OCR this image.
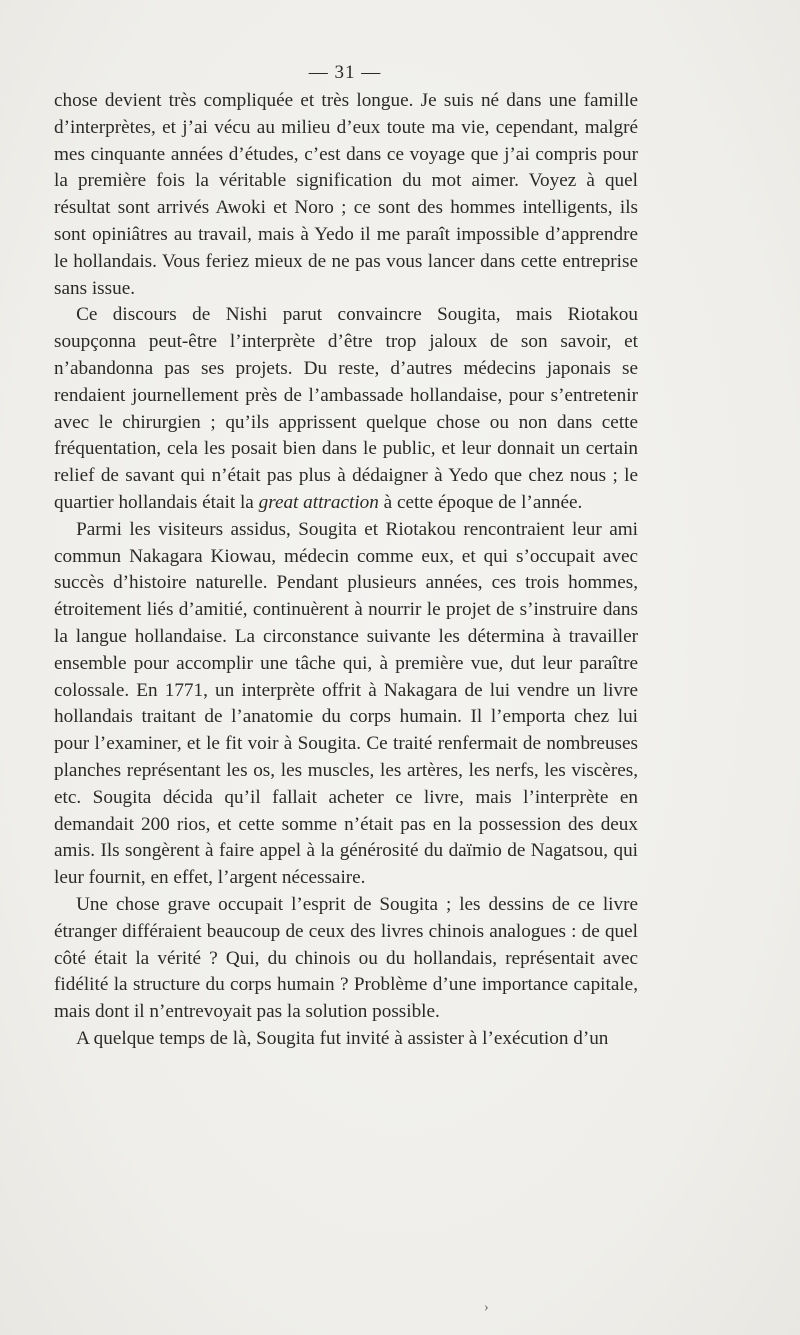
— 31 —

chose devient très compliquée et très longue. Je suis né dans une famille d’interprètes, et j’ai vécu au milieu d’eux toute ma vie, cependant, malgré mes cinquante années d’études, c’est dans ce voyage que j’ai compris pour la première fois la véritable signification du mot aimer. Voyez à quel résultat sont arrivés Awoki et Noro ; ce sont des hommes intelligents, ils sont opiniâtres au travail, mais à Yedo il me paraît impossible d’apprendre le hollandais. Vous feriez mieux de ne pas vous lancer dans cette entreprise sans issue.

Ce discours de Nishi parut convaincre Sougita, mais Riotakou soupçonna peut-être l’interprète d’être trop jaloux de son savoir, et n’abandonna pas ses projets. Du reste, d’autres médecins japonais se rendaient journellement près de l’ambassade hollandaise, pour s’entretenir avec le chirurgien ; qu’ils apprissent quelque chose ou non dans cette fréquentation, cela les posait bien dans le public, et leur donnait un certain relief de savant qui n’était pas plus à dédaigner à Yedo que chez nous ; le quartier hollandais était la great attraction à cette époque de l’année.

Parmi les visiteurs assidus, Sougita et Riotakou rencontraient leur ami commun Nakagara Kiowau, médecin comme eux, et qui s’occupait avec succès d’histoire naturelle. Pendant plusieurs années, ces trois hommes, étroitement liés d’amitié, continuèrent à nourrir le projet de s’instruire dans la langue hollandaise. La circonstance suivante les détermina à travailler ensemble pour accomplir une tâche qui, à première vue, dut leur paraître colossale. En 1771, un interprète offrit à Nakagara de lui vendre un livre hollandais traitant de l’anatomie du corps humain. Il l’emporta chez lui pour l’examiner, et le fit voir à Sougita. Ce traité renfermait de nombreuses planches représentant les os, les muscles, les artères, les nerfs, les viscères, etc. Sougita décida qu’il fallait acheter ce livre, mais l’interprète en demandait 200 rios, et cette somme n’était pas en la possession des deux amis. Ils songèrent à faire appel à la générosité du daïmio de Nagatsou, qui leur fournit, en effet, l’argent nécessaire.

Une chose grave occupait l’esprit de Sougita ; les dessins de ce livre étranger différaient beaucoup de ceux des livres chinois analogues : de quel côté était la vérité ? Qui, du chinois ou du hollandais, représentait avec fidélité la structure du corps humain ? Problème d’une importance capitale, mais dont il n’entrevoyait pas la solution possible.

A quelque temps de là, Sougita fut invité à assister à l’exécution d’un

›
